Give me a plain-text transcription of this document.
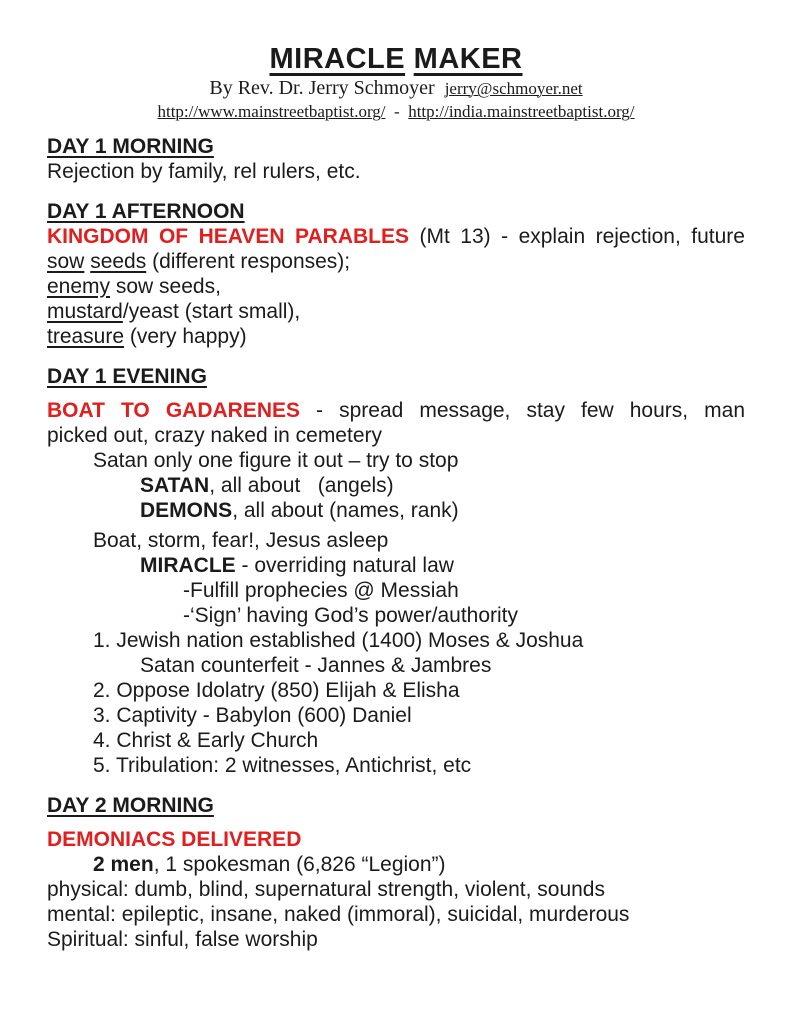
MIRACLE MAKER
By Rev. Dr. Jerry Schmoyer  jerry@schmoyer.net
http://www.mainstreetbaptist.org/  -  http://india.mainstreetbaptist.org/
DAY 1 MORNING
Rejection by family, rel rulers, etc.
DAY 1 AFTERNOON
KINGDOM OF HEAVEN PARABLES (Mt 13) - explain rejection, future
sow seeds (different responses);
enemy sow seeds,
mustard/yeast (start small),
treasure (very happy)
DAY 1 EVENING
BOAT TO GADARENES - spread message, stay few hours, man
picked out, crazy naked in cemetery
Satan only one figure it out – try to stop
SATAN, all about   (angels)
DEMONS, all about (names, rank)
Boat, storm, fear!, Jesus asleep
MIRACLE - overriding natural law
-Fulfill prophecies @ Messiah
-‘Sign’ having God’s power/authority
1. Jewish nation established (1400) Moses & Joshua
Satan counterfeit - Jannes & Jambres
2. Oppose Idolatry (850) Elijah & Elisha
3. Captivity - Babylon (600) Daniel
4. Christ & Early Church
5. Tribulation: 2 witnesses, Antichrist, etc
DAY 2 MORNING
DEMONIACS DELIVERED
2 men, 1 spokesman (6,826 “Legion”)
physical: dumb, blind, supernatural strength, violent, sounds
mental: epileptic, insane, naked (immoral), suicidal, murderous
Spiritual: sinful, false worship
